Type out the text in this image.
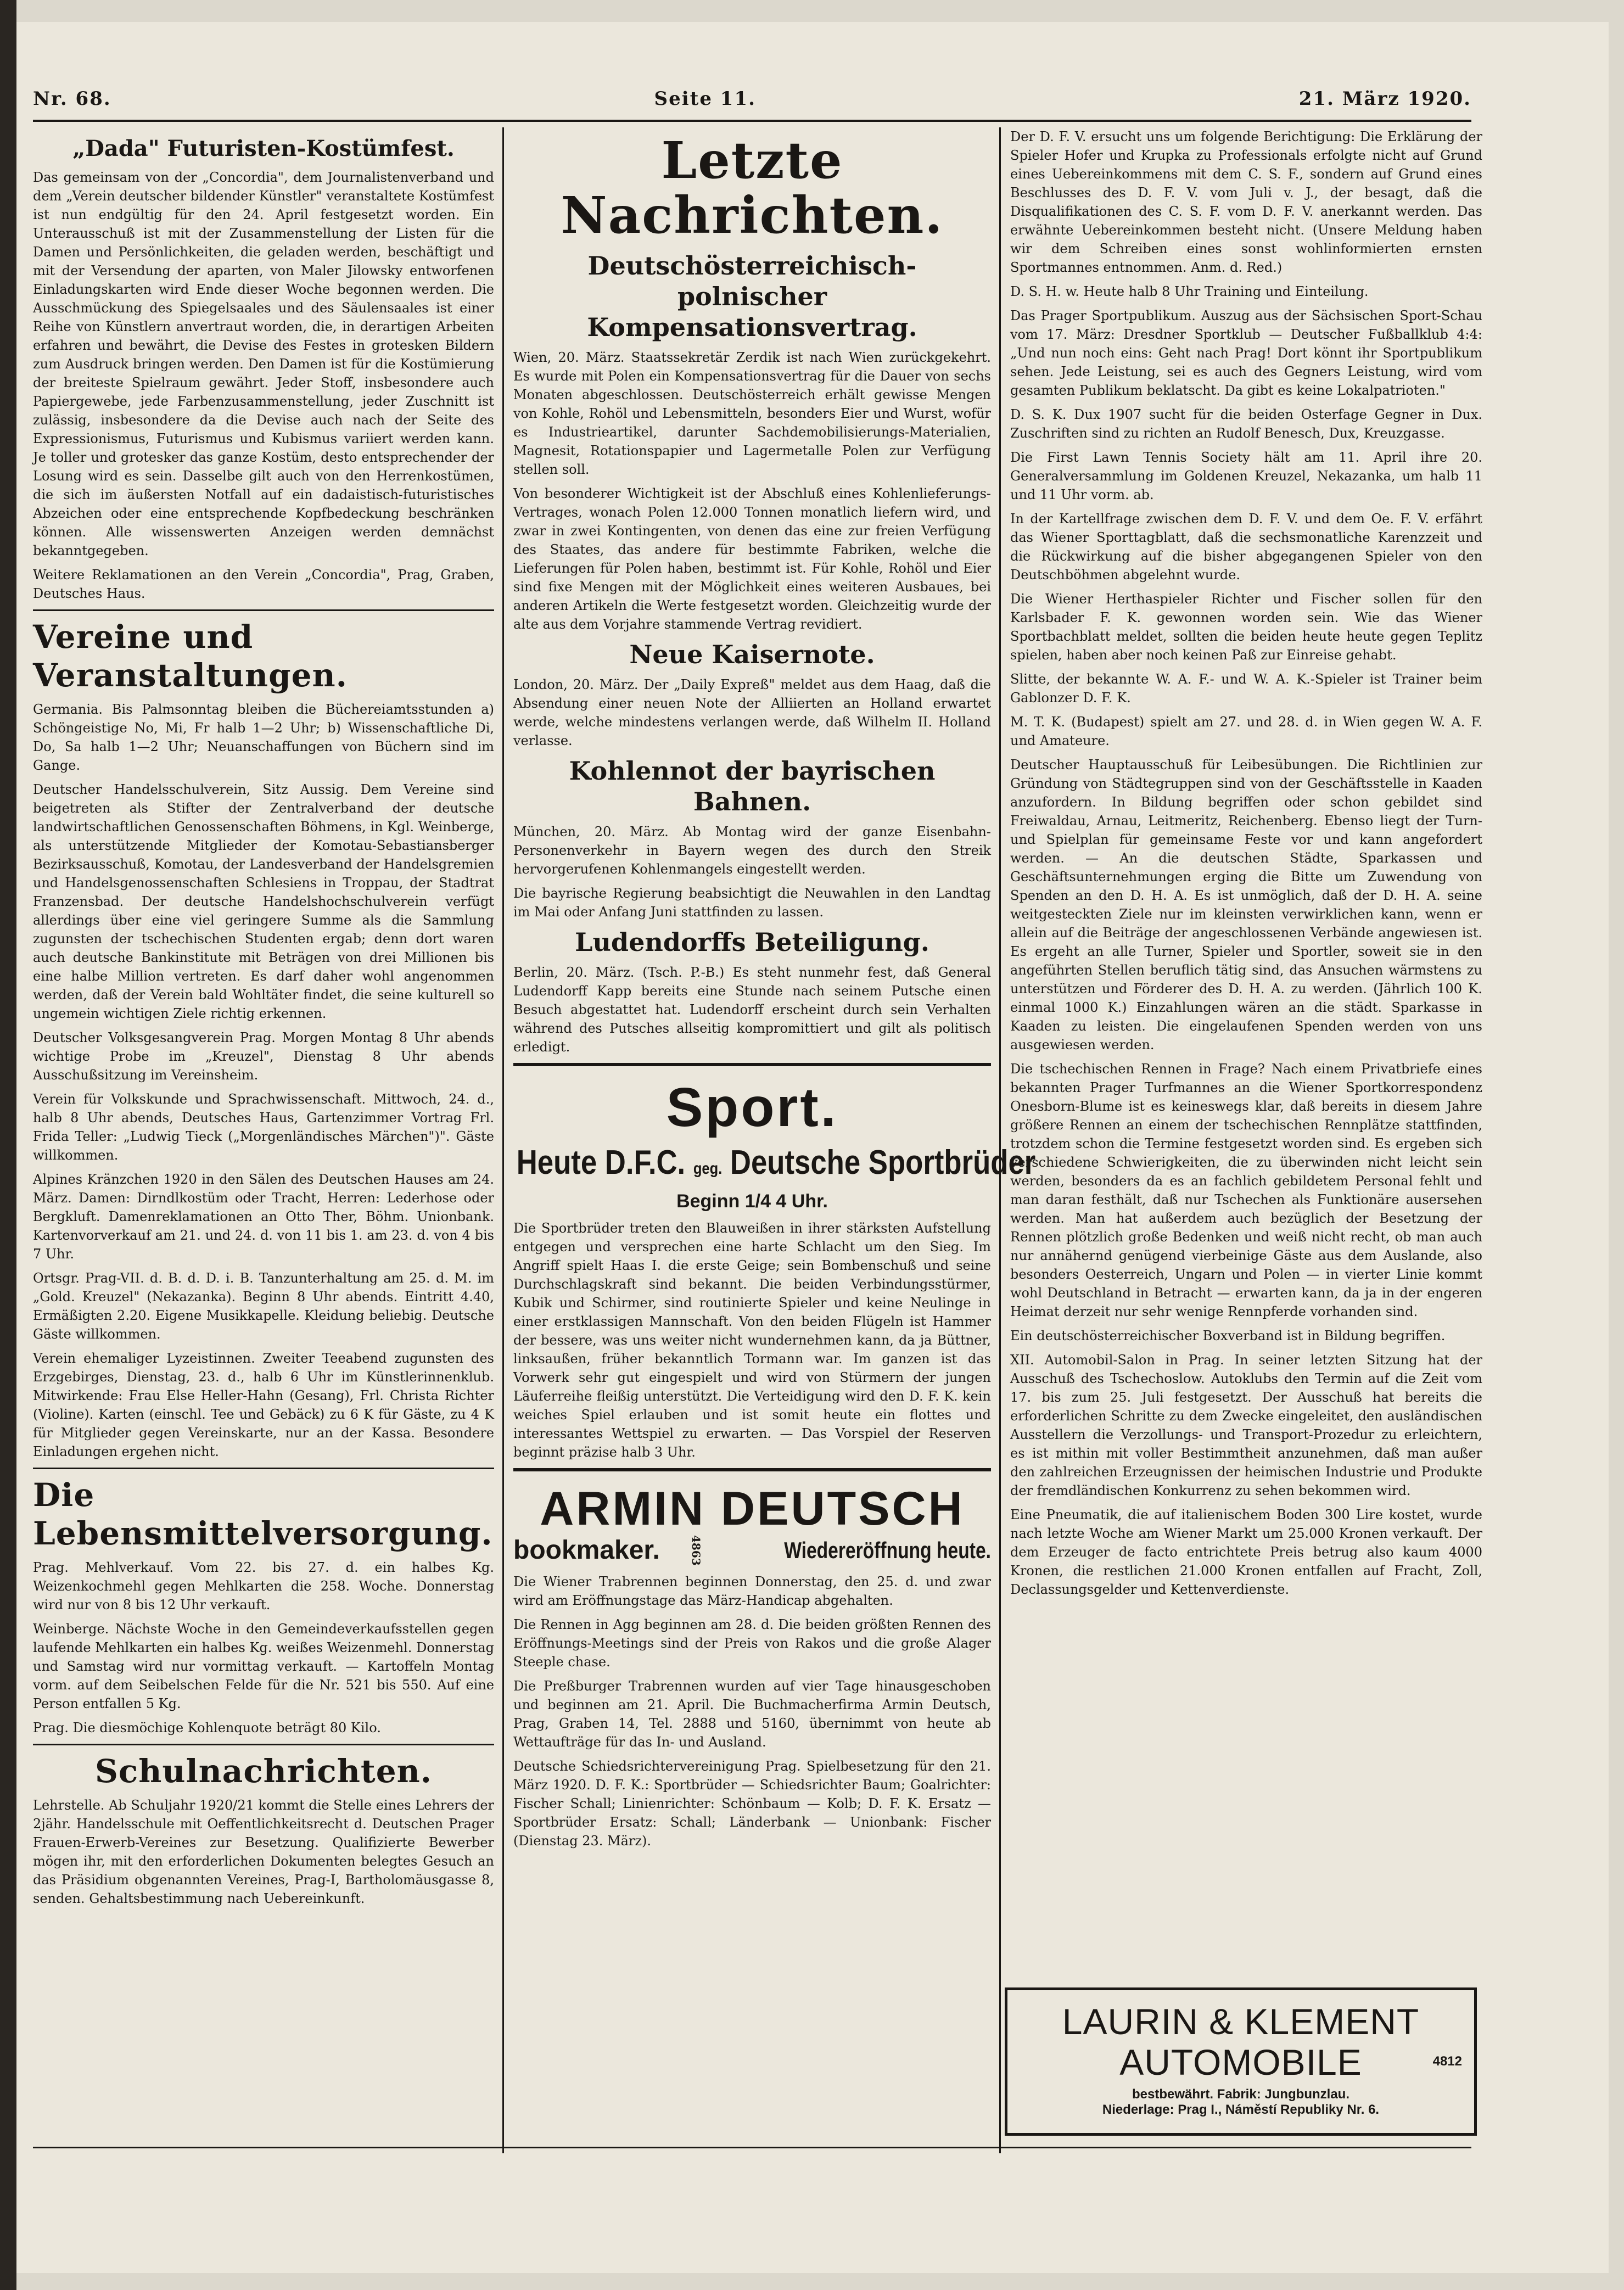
Nr. 68.	Seite 11.	21. März 1920.
„Dada" Futuristen-Kostümfest.

Das gemeinsam von der „Concordia", dem Journalistenverband und dem „Verein deutscher bildender Künstler" veranstaltete Kostümfest ist nun endgültig für den 24. April festgesetzt worden. Ein Unterausschuß ist mit der Zusammenstellung der Listen für die Damen und Persönlichkeiten, die geladen werden, beschäftigt und mit der Versendung der aparten, von Maler Jilowsky entworfenen Einladungskarten wird Ende dieser Woche begonnen werden. Die Ausschmückung des Spiegelsaales und des Säulensaales ist einer Reihe von Künstlern anvertraut worden, die, in derartigen Arbeiten erfahren und bewährt, die Devise des Festes in grotesken Bildern zum Ausdruck bringen werden. Den Damen ist für die Kostümierung der breiteste Spielraum gewährt. Jeder Stoff, insbesondere auch Papiergewebe, jede Farbenzusammenstellung, jeder Zuschnitt ist zulässig, insbesondere da die Devise auch nach der Seite des Expressionismus, Futurismus und Kubismus variiert werden kann. Je toller und grotesker das ganze Kostüm, desto entsprechender der Losung wird es sein. Dasselbe gilt auch von den Herrenkostümen, die sich im äußersten Notfall auf ein dadaistisch-futuristisches Abzeichen oder eine entsprechende Kopfbedeckung beschränken können. Alle wissenswerten Anzeigen werden demnächst bekanntgegeben.

Weitere Reklamationen an den Verein „Concordia", Prag, Graben, Deutsches Haus.

Vereine und Veranstaltungen.

Germania. Bis Palmsonntag bleiben die Büchereiamtsstunden a) Schöngeistige No, Mi, Fr halb 1—2 Uhr; b) Wissenschaftliche Di, Do, Sa halb 1—2 Uhr; Neuanschaffungen von Büchern sind im Gange.

Deutscher Handelsschulverein, Sitz Aussig. Dem Vereine sind beigetreten als Stifter der Zentralverband der deutsche landwirtschaftlichen Genossenschaften Böhmens, in Kgl. Weinberge, als unterstützende Mitglieder der Komotau-Sebastiansberger Bezirksausschuß, Komotau, der Landesverband der Handelsgremien und Handelsgenossenschaften Schlesiens in Troppau, der Stadtrat Franzensbad. Der deutsche Handelshochschulverein verfügt allerdings über eine viel geringere Summe als die Sammlung zugunsten der tschechischen Studenten ergab; denn dort waren auch deutsche Bankinstitute mit Beträgen von drei Millionen bis eine halbe Million vertreten. Es darf daher wohl angenommen werden, daß der Verein bald Wohltäter findet, die seine kulturell so ungemein wichtigen Ziele richtig erkennen.

Deutscher Volksgesangverein Prag. Morgen Montag 8 Uhr abends wichtige Probe im „Kreuzel", Dienstag 8 Uhr abends Ausschußsitzung im Vereinsheim.

Verein für Volkskunde und Sprachwissenschaft. Mittwoch, 24. d., halb 8 Uhr abends, Deutsches Haus, Gartenzimmer Vortrag Frl. Frida Teller: „Ludwig Tieck („Morgenländisches Märchen")". Gäste willkommen.

Alpines Kränzchen 1920 in den Sälen des Deutschen Hauses am 24. März. Damen: Dirndlkostüm oder Tracht, Herren: Lederhose oder Bergkluft. Damenreklamationen an Otto Ther, Böhm. Unionbank. Kartenvorverkauf am 21. und 24. d. von 11 bis 1. am 23. d. von 4 bis 7 Uhr.

Ortsgr. Prag-VII. d. B. d. D. i. B. Tanzunterhaltung am 25. d. M. im „Gold. Kreuzel" (Nekazanka). Beginn 8 Uhr abends. Eintritt 4.40, Ermäßigten 2.20. Eigene Musikkapelle. Kleidung beliebig. Deutsche Gäste willkommen.

Verein ehemaliger Lyzeistinnen. Zweiter Teeabend zugunsten des Erzgebirges, Dienstag, 23. d., halb 6 Uhr im Künstlerinnenklub. Mitwirkende: Frau Else Heller-Hahn (Gesang), Frl. Christa Richter (Violine). Karten (einschl. Tee und Gebäck) zu 6 K für Gäste, zu 4 K für Mitglieder gegen Vereinskarte, nur an der Kassa. Besondere Einladungen ergehen nicht.

Die Lebensmittelversorgung.

Prag. Mehlverkauf. Vom 22. bis 27. d. ein halbes Kg. Weizenkochmehl gegen Mehlkarten die 258. Woche. Donnerstag wird nur von 8 bis 12 Uhr verkauft.

Weinberge. Nächste Woche in den Gemeindeverkaufsstellen gegen laufende Mehlkarten ein halbes Kg. weißes Weizenmehl. Donnerstag und Samstag wird nur vormittag verkauft. — Kartoffeln Montag vorm. auf dem Seibelschen Felde für die Nr. 521 bis 550. Auf eine Person entfallen 5 Kg.

Prag. Die diesmöchige Kohlenquote beträgt 80 Kilo.

Schulnachrichten.

Lehrstelle. Ab Schuljahr 1920/21 kommt die Stelle eines Lehrers der 2jähr. Handelsschule mit Oeffentlichkeitsrecht d. Deutschen Prager Frauen-Erwerb-Vereines zur Besetzung. Qualifizierte Bewerber mögen ihr, mit den erforderlichen Dokumenten belegtes Gesuch an das Präsidium obgenannten Vereines, Prag-I, Bartholomäusgasse 8, senden. Gehaltsbestimmung nach Uebereinkunft.

Letzte Nachrichten.
Deutschösterreichisch-polnischer Kompensationsvertrag.

Wien, 20. März. Staatssekretär Zerdik ist nach Wien zurückgekehrt. Es wurde mit Polen ein Kompensationsvertrag für die Dauer von sechs Monaten abgeschlossen. Deutschösterreich erhält gewisse Mengen von Kohle, Rohöl und Lebensmitteln, besonders Eier und Wurst, wofür es Industrieartikel, darunter Sachdemobilisierungs-Materialien, Magnesit, Rotationspapier und Lagermetalle Polen zur Verfügung stellen soll.

Von besonderer Wichtigkeit ist der Abschluß eines Kohlenlieferungs-Vertrages, wonach Polen 12.000 Tonnen monatlich liefern wird, und zwar in zwei Kontingenten, von denen das eine zur freien Verfügung des Staates, das andere für bestimmte Fabriken, welche die Lieferungen für Polen haben, bestimmt ist. Für Kohle, Rohöl und Eier sind fixe Mengen mit der Möglichkeit eines weiteren Ausbaues, bei anderen Artikeln die Werte festgesetzt worden. Gleichzeitig wurde der alte aus dem Vorjahre stammende Vertrag revidiert.

Neue Kaisernote.

London, 20. März. Der „Daily Expreß" meldet aus dem Haag, daß die Absendung einer neuen Note der Alliierten an Holland erwartet werde, welche mindestens verlangen werde, daß Wilhelm II. Holland verlasse.

Kohlennot der bayrischen Bahnen.

München, 20. März. Ab Montag wird der ganze Eisenbahn-Personenverkehr in Bayern wegen des durch den Streik hervorgerufenen Kohlenmangels eingestellt werden.

Die bayrische Regierung beabsichtigt die Neuwahlen in den Landtag im Mai oder Anfang Juni stattfinden zu lassen.

Ludendorffs Beteiligung.

Berlin, 20. März. (Tsch. P.-B.) Es steht nunmehr fest, daß General Ludendorff Kapp bereits eine Stunde nach seinem Putsche einen Besuch abgestattet hat. Ludendorff erscheint durch sein Verhalten während des Putsches allseitig kompromittiert und gilt als politisch erledigt.

Sport.
Heute D.F.C. geg. Deutsche Sportbrüder
Beginn 1/4 4 Uhr.

Die Sportbrüder treten den Blauweißen in ihrer stärksten Aufstellung entgegen und versprechen eine harte Schlacht um den Sieg. Im Angriff spielt Haas I. die erste Geige; sein Bombenschuß und seine Durchschlagskraft sind bekannt. Die beiden Verbindungsstürmer, Kubik und Schirmer, sind routinierte Spieler und keine Neulinge in einer erstklassigen Mannschaft. Von den beiden Flügeln ist Hammer der bessere, was uns weiter nicht wundernehmen kann, da ja Büttner, linksaußen, früher bekanntlich Tormann war. Im ganzen ist das Vorwerk sehr gut eingespielt und wird von Stürmern der jungen Läuferreihe fleißig unterstützt. Die Verteidigung wird den D. F. K. kein weiches Spiel erlauben und ist somit heute ein flottes und interessantes Wettspiel zu erwarten. — Das Vorspiel der Reserven beginnt präzise halb 3 Uhr.

ARMIN DEUTSCH
bookmaker.	4863	Wiedereröffnung heute.

Die Wiener Trabrennen beginnen Donnerstag, den 25. d. und zwar wird am Eröffnungstage das März-Handicap abgehalten.

Die Rennen in Agg beginnen am 28. d. Die beiden größten Rennen des Eröffnungs-Meetings sind der Preis von Rakos und die große Alager Steeple chase.

Die Preßburger Trabrennen wurden auf vier Tage hinausgeschoben und beginnen am 21. April. Die Buchmacherfirma Armin Deutsch, Prag, Graben 14, Tel. 2888 und 5160, übernimmt von heute ab Wettaufträge für das In- und Ausland.

Deutsche Schiedsrichtervereinigung Prag. Spielbesetzung für den 21. März 1920. D. F. K.: Sportbrüder — Schiedsrichter Baum; Goalrichter: Fischer Schall; Linienrichter: Schönbaum — Kolb; D. F. K. Ersatz — Sportbrüder Ersatz: Schall; Länderbank — Unionbank: Fischer (Dienstag 23. März).

Der D. F. V. ersucht uns um folgende Berichtigung: Die Erklärung der Spieler Hofer und Krupka zu Professionals erfolgte nicht auf Grund eines Uebereinkommens mit dem C. S. F., sondern auf Grund eines Beschlusses des D. F. V. vom Juli v. J., der besagt, daß die Disqualifikationen des C. S. F. vom D. F. V. anerkannt werden. Das erwähnte Uebereinkommen besteht nicht. (Unsere Meldung haben wir dem Schreiben eines sonst wohlinformierten ernsten Sportmannes entnommen. Anm. d. Red.)

D. S. H. w. Heute halb 8 Uhr Training und Einteilung.

Das Prager Sportpublikum. Auszug aus der Sächsischen Sport-Schau vom 17. März: Dresdner Sportklub — Deutscher Fußballklub 4:4: „Und nun noch eins: Geht nach Prag! Dort könnt ihr Sportpublikum sehen. Jede Leistung, sei es auch des Gegners Leistung, wird vom gesamten Publikum beklatscht. Da gibt es keine Lokalpatrioten."

D. S. K. Dux 1907 sucht für die beiden Osterfage Gegner in Dux. Zuschriften sind zu richten an Rudolf Benesch, Dux, Kreuzgasse.

Die First Lawn Tennis Society hält am 11. April ihre 20. Generalversammlung im Goldenen Kreuzel, Nekazanka, um halb 11 und 11 Uhr vorm. ab.

In der Kartellfrage zwischen dem D. F. V. und dem Oe. F. V. erfährt das Wiener Sporttagblatt, daß die sechsmonatliche Karenzzeit und die Rückwirkung auf die bisher abgegangenen Spieler von den Deutschböhmen abgelehnt wurde.

Die Wiener Herthaspieler Richter und Fischer sollen für den Karlsbader F. K. gewonnen worden sein. Wie das Wiener Sportbachblatt meldet, sollten die beiden heute heute gegen Teplitz spielen, haben aber noch keinen Paß zur Einreise gehabt.

Slitte, der bekannte W. A. F.- und W. A. K.-Spieler ist Trainer beim Gablonzer D. F. K.

M. T. K. (Budapest) spielt am 27. und 28. d. in Wien gegen W. A. F. und Amateure.

Deutscher Hauptausschuß für Leibesübungen. Die Richtlinien zur Gründung von Städtegruppen sind von der Geschäftsstelle in Kaaden anzufordern. In Bildung begriffen oder schon gebildet sind Freiwaldau, Arnau, Leitmeritz, Reichenberg. Ebenso liegt der Turn- und Spielplan für gemeinsame Feste vor und kann angefordert werden. — An die deutschen Städte, Sparkassen und Geschäftsunternehmungen erging die Bitte um Zuwendung von Spenden an den D. H. A. Es ist unmöglich, daß der D. H. A. seine weitgesteckten Ziele nur im kleinsten verwirklichen kann, wenn er allein auf die Beiträge der angeschlossenen Verbände angewiesen ist. Es ergeht an alle Turner, Spieler und Sportler, soweit sie in den angeführten Stellen beruflich tätig sind, das Ansuchen wärmstens zu unterstützen und Förderer des D. H. A. zu werden. (Jährlich 100 K. einmal 1000 K.) Einzahlungen wären an die städt. Sparkasse in Kaaden zu leisten. Die eingelaufenen Spenden werden von uns ausgewiesen werden.

Die tschechischen Rennen in Frage? Nach einem Privatbriefe eines bekannten Prager Turfmannes an die Wiener Sportkorrespondenz Onesborn-Blume ist es keineswegs klar, daß bereits in diesem Jahre größere Rennen an einem der tschechischen Rennplätze stattfinden, trotzdem schon die Termine festgesetzt worden sind. Es ergeben sich verschiedene Schwierigkeiten, die zu überwinden nicht leicht sein werden, besonders da es an fachlich gebildetem Personal fehlt und man daran festhält, daß nur Tschechen als Funktionäre ausersehen werden. Man hat außerdem auch bezüglich der Besetzung der Rennen plötzlich große Bedenken und weiß nicht recht, ob man auch nur annähernd genügend vierbeinige Gäste aus dem Auslande, also besonders Oesterreich, Ungarn und Polen — in vierter Linie kommt wohl Deutschland in Betracht — erwarten kann, da ja in der engeren Heimat derzeit nur sehr wenige Rennpferde vorhanden sind.

Ein deutschösterreichischer Boxverband ist in Bildung begriffen.

XII. Automobil-Salon in Prag. In seiner letzten Sitzung hat der Ausschuß des Tschechoslow. Autoklubs den Termin auf die Zeit vom 17. bis zum 25. Juli festgesetzt. Der Ausschuß hat bereits die erforderlichen Schritte zu dem Zwecke eingeleitet, den ausländischen Ausstellern die Verzollungs- und Transport-Prozedur zu erleichtern, es ist mithin mit voller Bestimmtheit anzunehmen, daß man außer den zahlreichen Erzeugnissen der heimischen Industrie und Produkte der fremdländischen Konkurrenz zu sehen bekommen wird.

Eine Pneumatik, die auf italienischem Boden 300 Lire kostet, wurde nach letzte Woche am Wiener Markt um 25.000 Kronen verkauft. Der dem Erzeuger de facto entrichtete Preis betrug also kaum 4000 Kronen, die restlichen 21.000 Kronen entfallen auf Fracht, Zoll, Declassungsgelder und Kettenverdienste.

LAURIN & KLEMENT
AUTOMOBILE	4812
bestbewährt. Fabrik: Jungbunzlau.
Niederlage: Prag I., Náměstí Republiky Nr. 6.
